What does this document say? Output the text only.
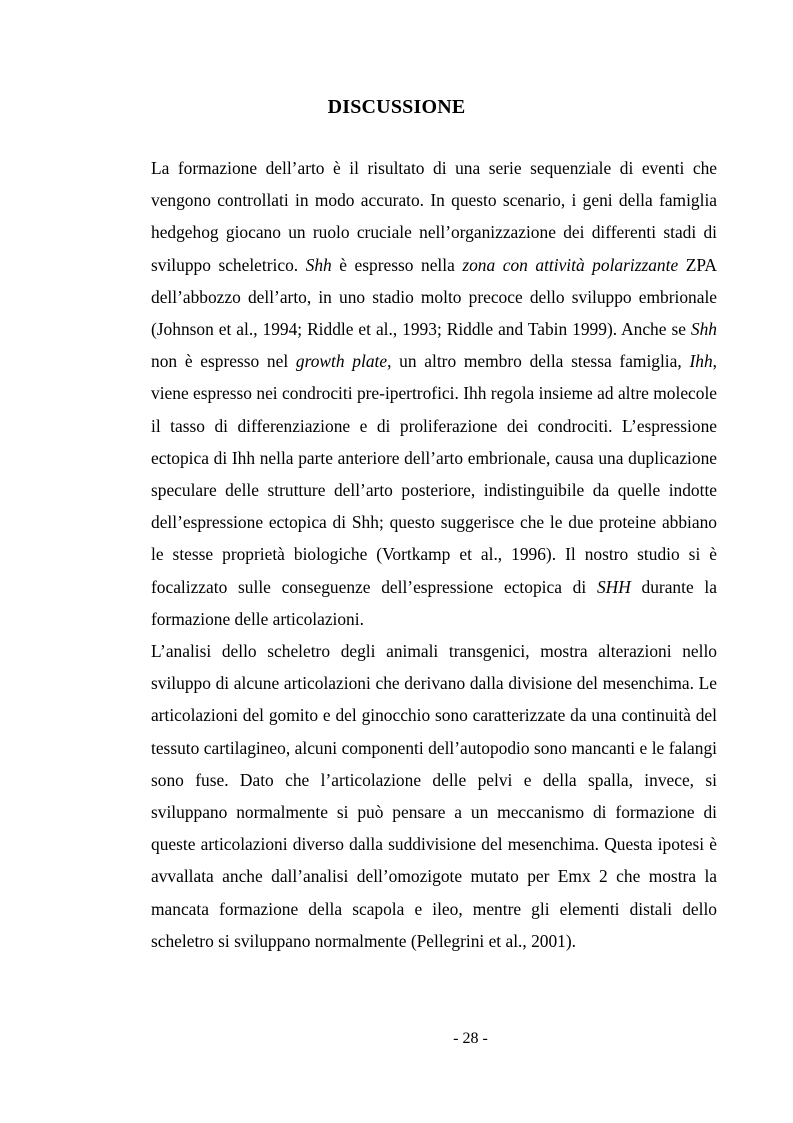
DISCUSSIONE

La formazione dell’arto è il risultato di una serie sequenziale di eventi che vengono controllati in modo accurato. In questo scenario, i geni della famiglia hedgehog giocano un ruolo cruciale nell’organizzazione dei differenti stadi di sviluppo scheletrico. Shh è espresso nella zona con attività polarizzante ZPA dell’abbozzo dell’arto, in uno stadio molto precoce dello sviluppo embrionale (Johnson et al., 1994; Riddle et al., 1993; Riddle and Tabin 1999). Anche se Shh non è espresso nel growth plate, un altro membro della stessa famiglia, Ihh, viene espresso nei condrociti pre-ipertrofici. Ihh regola insieme ad altre molecole il tasso di differenziazione e di proliferazione dei condrociti. L’espressione ectopica di Ihh nella parte anteriore dell’arto embrionale, causa una duplicazione speculare delle strutture dell’arto posteriore, indistinguibile da quelle indotte dell’espressione ectopica di Shh; questo suggerisce che le due proteine abbiano le stesse proprietà biologiche (Vortkamp et al., 1996). Il nostro studio si è focalizzato sulle conseguenze dell’espressione ectopica di SHH durante la formazione delle articolazioni.

L’analisi dello scheletro degli animali transgenici, mostra alterazioni nello sviluppo di alcune articolazioni che derivano dalla divisione del mesenchima. Le articolazioni del gomito e del ginocchio sono caratterizzate da una continuità del tessuto cartilagineo, alcuni componenti dell’autopodio sono mancanti e le falangi sono fuse. Dato che l’articolazione delle pelvi e della spalla, invece, si sviluppano normalmente si può pensare a un meccanismo di formazione di queste articolazioni diverso dalla suddivisione del mesenchima. Questa ipotesi è avvallata anche dall’analisi dell’omozigote mutato per Emx 2 che mostra la mancata formazione della scapola e ileo, mentre gli elementi distali dello scheletro si sviluppano normalmente (Pellegrini et al., 2001).

- 28 -
